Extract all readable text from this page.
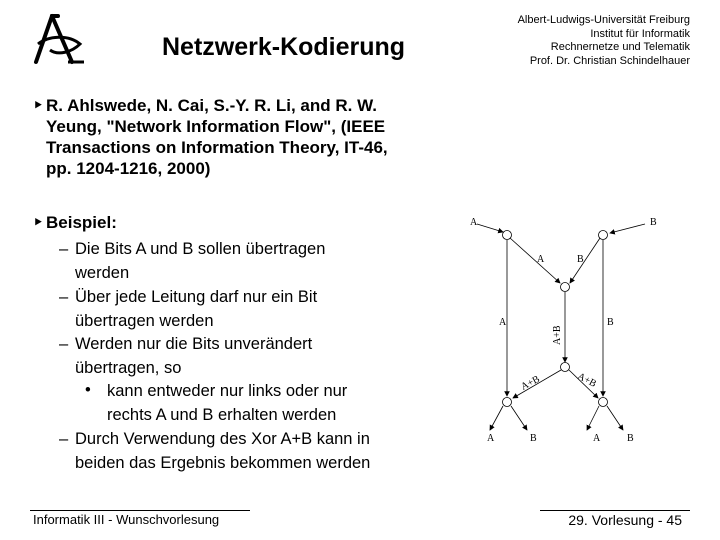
Netzwerk-Kodierung
Albert-Ludwigs-Universität Freiburg
Institut für Informatik
Rechnernetze und Telematik
Prof. Dr. Christian Schindelhauer
‣ R. Ahlswede, N. Cai, S.-Y. R. Li, and R. W.
Yeung, "Network Information Flow", (IEEE
Transactions on Information Theory, IT-46,
pp. 1204-1216, 2000)
‣ Beispiel:
– Die Bits A und B sollen übertragen
werden
– Über jede Leitung darf nur ein Bit
übertragen werden
– Werden nur die Bits unverändert
übertragen, so
• kann entweder nur links oder nur
rechts A und B erhalten werden
– Durch Verwendung des Xor A+B kann in
beiden das Ergebnis bekommen werden
A	B
A	B
A	B
A+B
A+B	A+B
A	B	A	B
Informatik III - Wunschvorlesung	29. Vorlesung - 45
